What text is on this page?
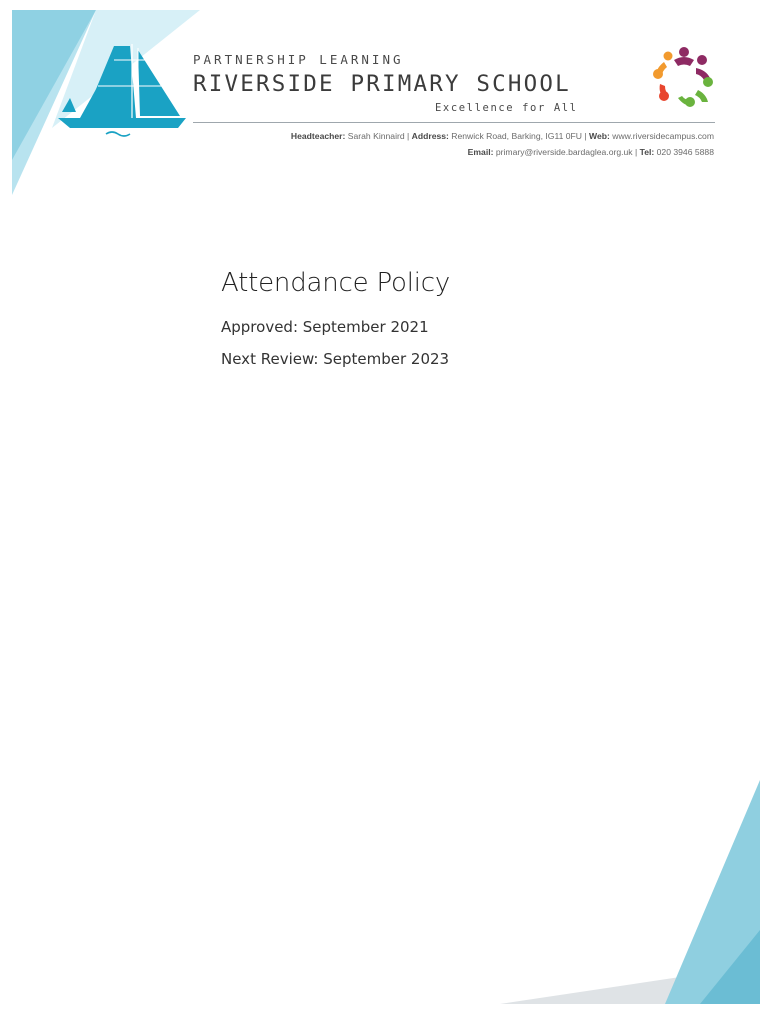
PARTNERSHIP LEARNING
RIVERSIDE PRIMARY SCHOOL
Excellence for All
Headteacher: Sarah Kinnaird | Address: Renwick Road, Barking, IG11 0FU | Web: www.riversidecampus.com
Email: primary@riverside.bardaglea.org.uk | Tel: 020 3946 5888
Attendance Policy
Approved: September 2021
Next Review: September 2023
